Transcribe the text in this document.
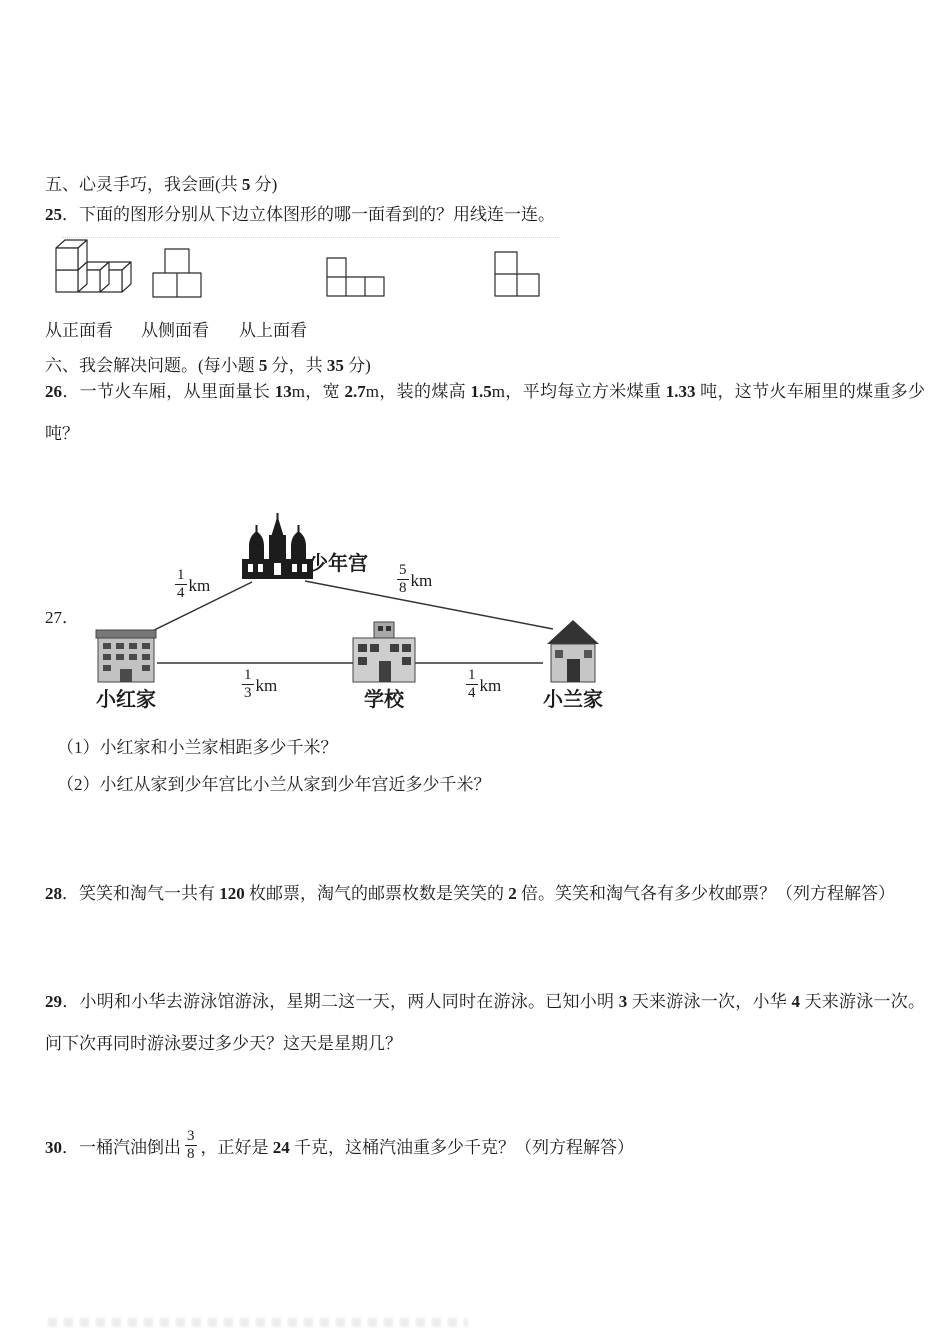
五、心灵手巧，我会画(共 5 分)
25．下面的图形分别从下边立体图形的哪一面看到的？用线连一连。
从正面看 从侧面看 从上面看
六、我会解决问题。(每小题 5 分，共 35 分)
26．一节火车厢，从里面量长 13m，宽 2.7m，装的煤高 1.5m，平均每立方米煤重 1.33 吨，这节火车厢里的煤重多少吨？
27．
少年宫
小红家	学校	小兰家
$\frac{1}{4}$ km	$\frac{5}{8}$ km
$\frac{1}{3}$ km	$\frac{1}{4}$ km
（1）小红家和小兰家相距多少千米？
（2）小红从家到少年宫比小兰从家到少年宫近多少千米？
28．笑笑和淘气一共有 120 枚邮票，淘气的邮票枚数是笑笑的 2 倍。笑笑和淘气各有多少枚邮票？（列方程解答）
29．小明和小华去游泳馆游泳，星期二这一天，两人同时在游泳。已知小明 3 天来游泳一次，小华 4 天来游泳一次。问下次再同时游泳要过多少天？这天是星期几？
30．一桶汽油倒出 $\frac{3}{8}$ ，正好是 24 千克，这桶汽油重多少千克？（列方程解答）
